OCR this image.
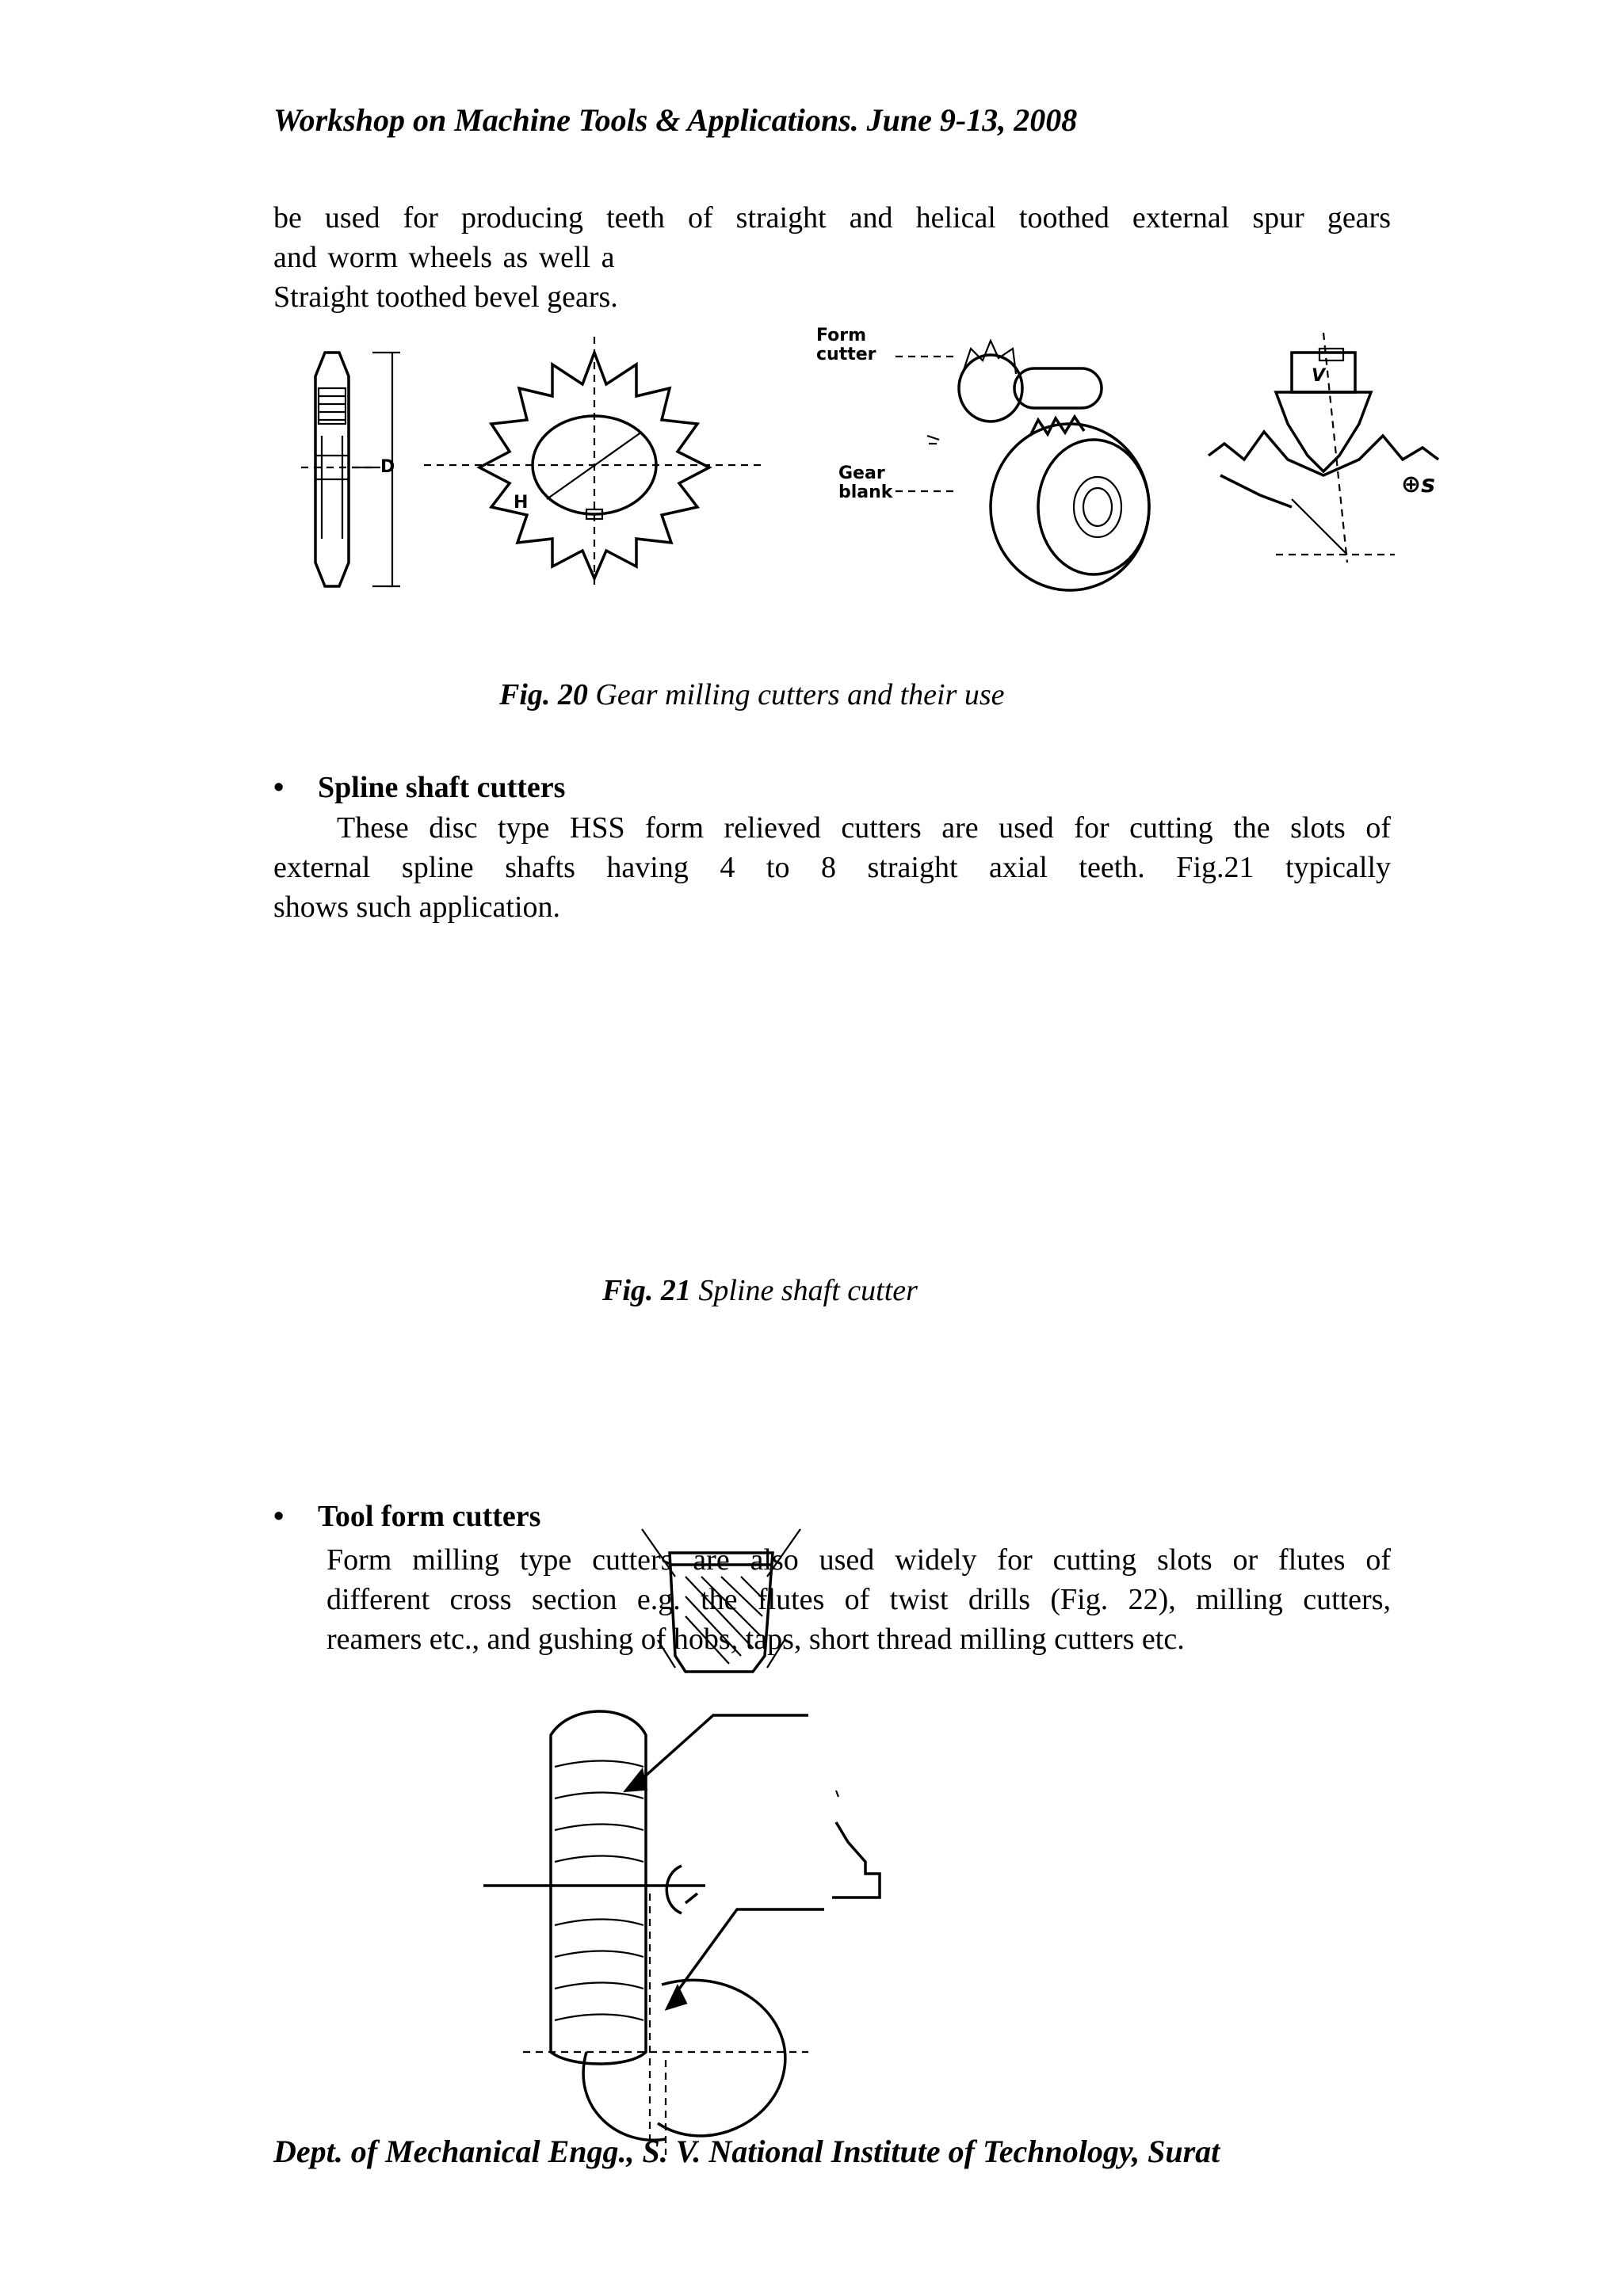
Workshop on Machine Tools & Applications. June 9-13, 2008
be used for producing teeth of straight and helical toothed external spur gears
and worm wheels as well a
Straight toothed bevel gears.
D
H
Form
cutter
Gear
blank
V
⊕s
Fig. 20 Gear milling cutters and their use
• Spline shaft cutters
These disc type HSS form relieved cutters are used for cutting the slots of
external spline shafts having 4 to 8 straight axial teeth. Fig.21 typically
shows such application.
Fig. 21 Spline shaft cutter
• Tool form cutters
Form milling type cutters are also used widely for cutting slots or flutes of
different cross section e.g. the flutes of twist drills (Fig. 22), milling cutters,
reamers etc., and gushing of hobs, taps, short thread milling cutters etc.
Dept. of Mechanical Engg., S. V. National Institute of Technology, Surat
